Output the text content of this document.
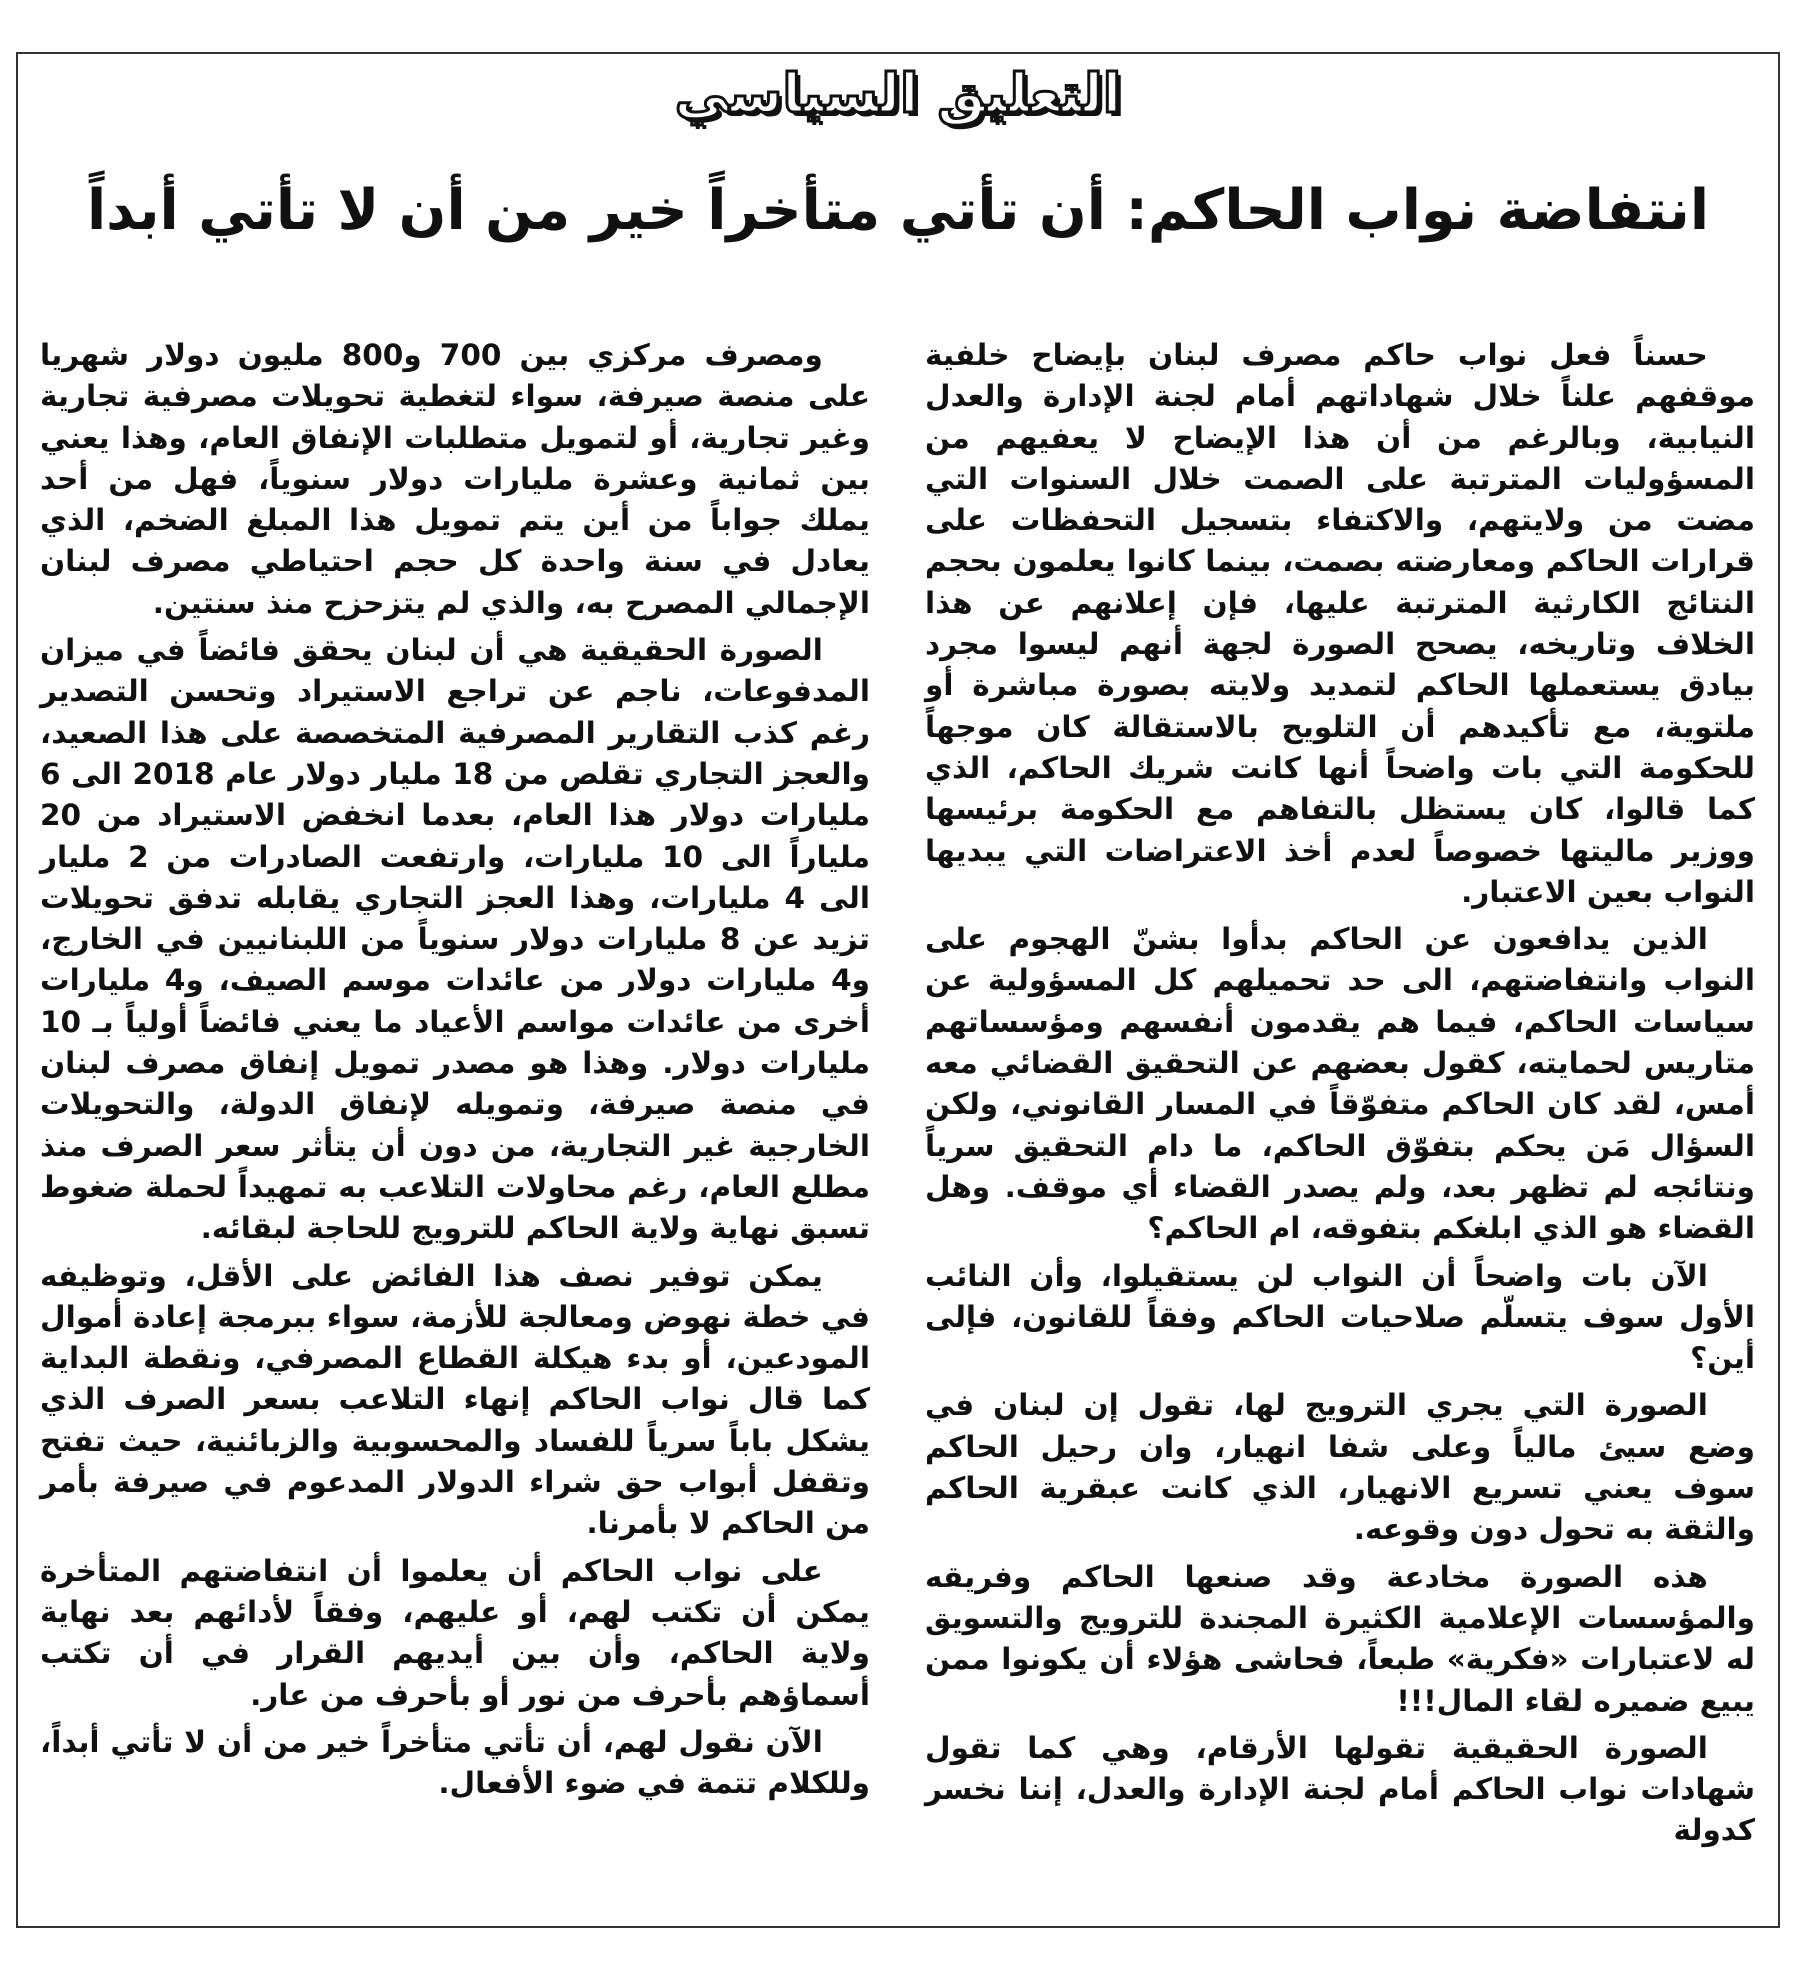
التعليق السياسي
انتفاضة نواب الحاكم: أن تأتي متأخراً خير من أن لا تأتي أبداً

حسناً فعل نواب حاكم مصرف لبنان بإيضاح خلفية موقفهم علناً خلال شهاداتهم أمام لجنة الإدارة والعدل النيابية، وبالرغم من أن هذا الإيضاح لا يعفيهم من المسؤوليات المترتبة على الصمت خلال السنوات التي مضت من ولايتهم، والاكتفاء بتسجيل التحفظات على قرارات الحاكم ومعارضته بصمت، بينما كانوا يعلمون بحجم النتائج الكارثية المترتبة عليها، فإن إعلانهم عن هذا الخلاف وتاريخه، يصحح الصورة لجهة أنهم ليسوا مجرد بيادق يستعملها الحاكم لتمديد ولايته بصورة مباشرة أو ملتوية، مع تأكيدهم أن التلويح بالاستقالة كان موجهاً للحكومة التي بات واضحاً أنها كانت شريك الحاكم، الذي كما قالوا، كان يستظل بالتفاهم مع الحكومة برئيسها ووزير ماليتها خصوصاً لعدم أخذ الاعتراضات التي يبديها النواب بعين الاعتبار.

الذين يدافعون عن الحاكم بدأوا بشنّ الهجوم على النواب وانتفاضتهم، الى حد تحميلهم كل المسؤولية عن سياسات الحاكم، فيما هم يقدمون أنفسهم ومؤسساتهم متاريس لحمايته، كقول بعضهم عن التحقيق القضائي معه أمس، لقد كان الحاكم متفوّقاً في المسار القانوني، ولكن السؤال مَن يحكم بتفوّق الحاكم، ما دام التحقيق سرياً ونتائجه لم تظهر بعد، ولم يصدر القضاء أي موقف. وهل القضاء هو الذي ابلغكم بتفوقه، ام الحاكم؟

الآن بات واضحاً أن النواب لن يستقيلوا، وأن النائب الأول سوف يتسلّم صلاحيات الحاكم وفقاً للقانون، فإلى أين؟

الصورة التي يجري الترويج لها، تقول إن لبنان في وضع سيئ مالياً وعلى شفا انهيار، وان رحيل الحاكم سوف يعني تسريع الانهيار، الذي كانت عبقرية الحاكم والثقة به تحول دون وقوعه.

هذه الصورة مخادعة وقد صنعها الحاكم وفريقه والمؤسسات الإعلامية الكثيرة المجندة للترويج والتسويق له لاعتبارات «فكرية» طبعاً، فحاشى هؤلاء أن يكونوا ممن يبيع ضميره لقاء المال!!!

الصورة الحقيقية تقولها الأرقام، وهي كما تقول شهادات نواب الحاكم أمام لجنة الإدارة والعدل، إننا نخسر كدولة

ومصرف مركزي بين 700 و800 مليون دولار شهريا على منصة صيرفة، سواء لتغطية تحويلات مصرفية تجارية وغير تجارية، أو لتمويل متطلبات الإنفاق العام، وهذا يعني بين ثمانية وعشرة مليارات دولار سنوياً، فهل من أحد يملك جواباً من أين يتم تمويل هذا المبلغ الضخم، الذي يعادل في سنة واحدة كل حجم احتياطي مصرف لبنان الإجمالي المصرح به، والذي لم يتزحزح منذ سنتين.

الصورة الحقيقية هي أن لبنان يحقق فائضاً في ميزان المدفوعات، ناجم عن تراجع الاستيراد وتحسن التصدير رغم كذب التقارير المصرفية المتخصصة على هذا الصعيد، والعجز التجاري تقلص من 18 مليار دولار عام 2018 الى 6 مليارات دولار هذا العام، بعدما انخفض الاستيراد من 20 ملياراً الى 10 مليارات، وارتفعت الصادرات من 2 مليار الى 4 مليارات، وهذا العجز التجاري يقابله تدفق تحويلات تزيد عن 8 مليارات دولار سنوياً من اللبنانيين في الخارج، و4 مليارات دولار من عائدات موسم الصيف، و4 مليارات أخرى من عائدات مواسم الأعياد ما يعني فائضاً أولياً بـ 10 مليارات دولار. وهذا هو مصدر تمويل إنفاق مصرف لبنان في منصة صيرفة، وتمويله لإنفاق الدولة، والتحويلات الخارجية غير التجارية، من دون أن يتأثر سعر الصرف منذ مطلع العام، رغم محاولات التلاعب به تمهيداً لحملة ضغوط تسبق نهاية ولاية الحاكم للترويج للحاجة لبقائه.

يمكن توفير نصف هذا الفائض على الأقل، وتوظيفه في خطة نهوض ومعالجة للأزمة، سواء ببرمجة إعادة أموال المودعين، أو بدء هيكلة القطاع المصرفي، ونقطة البداية كما قال نواب الحاكم إنهاء التلاعب بسعر الصرف الذي يشكل باباً سرياً للفساد والمحسوبية والزبائنية، حيث تفتح وتقفل أبواب حق شراء الدولار المدعوم في صيرفة بأمر من الحاكم لا بأمرنا.

على نواب الحاكم أن يعلموا أن انتفاضتهم المتأخرة يمكن أن تكتب لهم، أو عليهم، وفقاً لأدائهم بعد نهاية ولاية الحاكم، وأن بين أيديهم القرار في أن تكتب أسماؤهم بأحرف من نور أو بأحرف من عار.

الآن نقول لهم، أن تأتي متأخراً خير من أن لا تأتي أبداً، وللكلام تتمة في ضوء الأفعال.
